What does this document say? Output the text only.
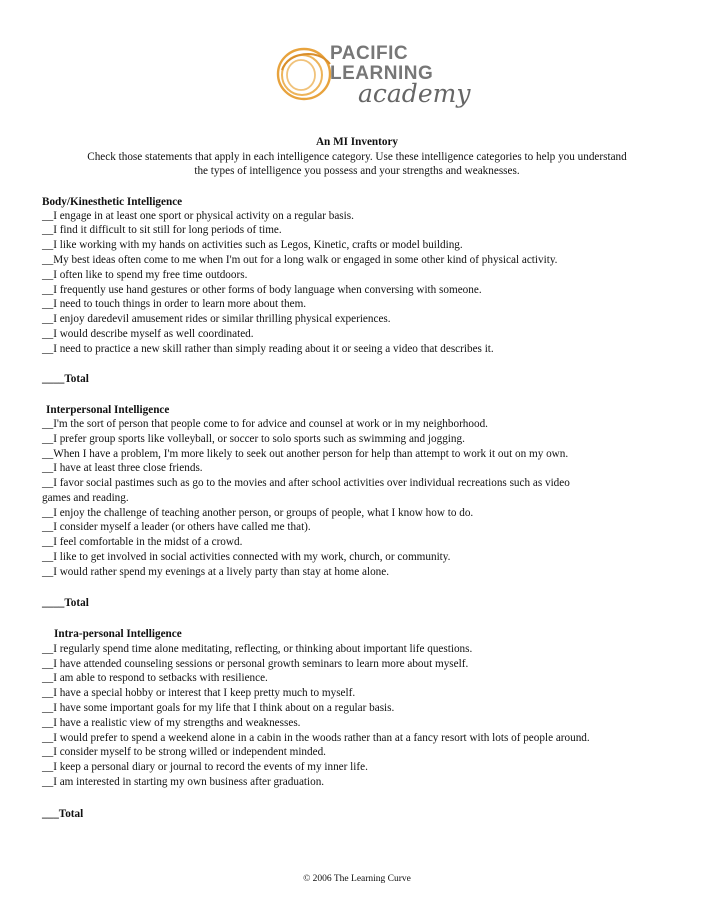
PACIFIC
LEARNING
academy
An MI Inventory
Check those statements that apply in each intelligence category. Use these intelligence categories to help you understand
the types of intelligence you possess and your strengths and weaknesses.
Body/Kinesthetic Intelligence
__I engage in at least one sport or physical activity on a regular basis.
__I find it difficult to sit still for long periods of time.
__I like working with my hands on activities such as Legos, Kinetic, crafts or model building.
__My best ideas often come to me when I'm out for a long walk or engaged in some other kind of physical activity.
__I often like to spend my free time outdoors.
__I frequently use hand gestures or other forms of body language when conversing with someone.
__I need to touch things in order to learn more about them.
__I enjoy daredevil amusement rides or similar thrilling physical experiences.
__I would describe myself as well coordinated.
__I need to practice a new skill rather than simply reading about it or seeing a video that describes it.
____Total
Interpersonal Intelligence
__I'm the sort of person that people come to for advice and counsel at work or in my neighborhood.
__I prefer group sports like volleyball, or soccer to solo sports such as swimming and jogging.
__When I have a problem, I'm more likely to seek out another person for help than attempt to work it out on my own.
__I have at least three close friends.
__I favor social pastimes such as go to the movies and after school activities over individual recreations such as video
games and reading.
__I enjoy the challenge of teaching another person, or groups of people, what I know how to do.
__I consider myself a leader (or others have called me that).
__I feel comfortable in the midst of a crowd.
__I like to get involved in social activities connected with my work, church, or community.
__I would rather spend my evenings at a lively party than stay at home alone.
____Total
Intra-personal Intelligence
__I regularly spend time alone meditating, reflecting, or thinking about important life questions.
__I have attended counseling sessions or personal growth seminars to learn more about myself.
__I am able to respond to setbacks with resilience.
__I have a special hobby or interest that I keep pretty much to myself.
__I have some important goals for my life that I think about on a regular basis.
__I have a realistic view of my strengths and weaknesses.
__I would prefer to spend a weekend alone in a cabin in the woods rather than at a fancy resort with lots of people around.
__I consider myself to be strong willed or independent minded.
__I keep a personal diary or journal to record the events of my inner life.
__I am interested in starting my own business after graduation.
___Total
© 2006 The Learning Curve
